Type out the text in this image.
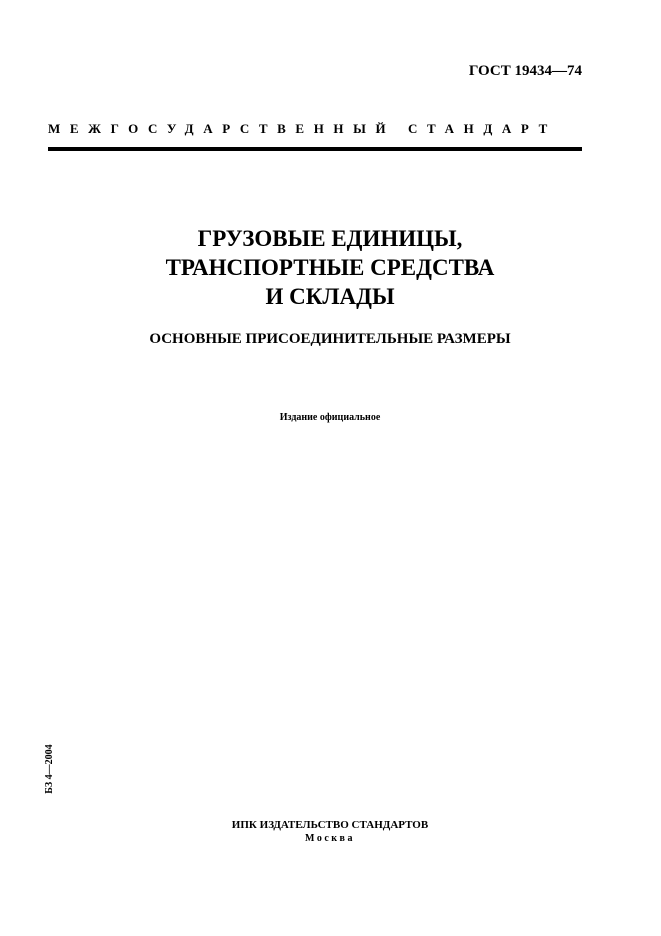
ГОСТ 19434—74
МЕЖГОСУДАРСТВЕННЫЙ СТАНДАРТ
ГРУЗОВЫЕ ЕДИНИЦЫ,
ТРАНСПОРТНЫЕ СРЕДСТВА
И СКЛАДЫ
ОСНОВНЫЕ ПРИСОЕДИНИТЕЛЬНЫЕ РАЗМЕРЫ
Издание официальное
БЗ 4—2004
ИПК ИЗДАТЕЛЬСТВО СТАНДАРТОВ
Москва
